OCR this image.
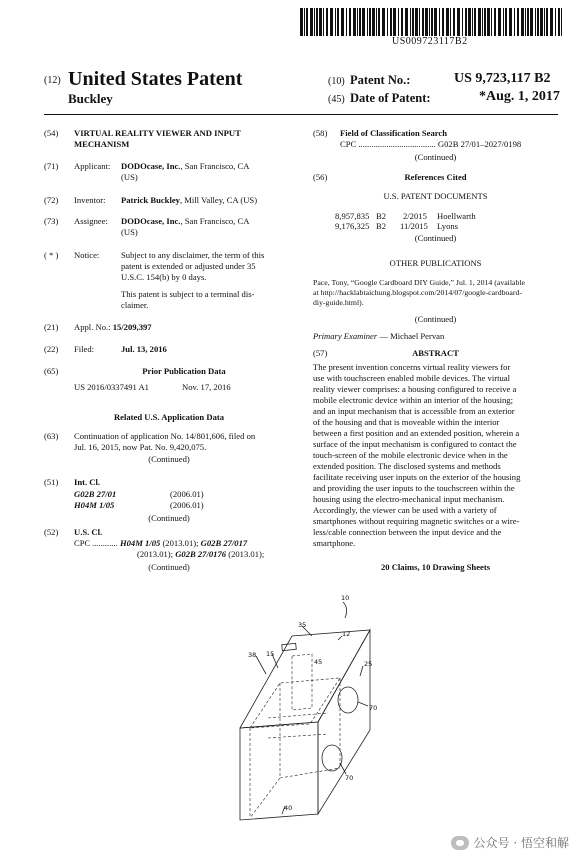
US009723117B2
(12) United States Patent
Buckley
(10) Patent No.:	US 9,723,117 B2
(45) Date of Patent:	*Aug. 1, 2017
(54) VIRTUAL REALITY VIEWER AND INPUT
MECHANISM
(71) Applicant: DODOcase, Inc., San Francisco, CA
(US)
(72) Inventor: Patrick Buckley, Mill Valley, CA (US)
(73) Assignee: DODOcase, Inc., San Francisco, CA
(US)
( * ) Notice:	Subject to any disclaimer, the term of this
patent is extended or adjusted under 35
U.S.C. 154(b) by 0 days.
This patent is subject to a terminal dis-
claimer.
(21) Appl. No.: 15/209,397
(22) Filed:	Jul. 13, 2016
(65)	Prior Publication Data
US 2016/0337491 A1	Nov. 17, 2016
Related U.S. Application Data
(63) Continuation of application No. 14/801,606, filed on
Jul. 16, 2015, now Pat. No. 9,420,075.
(Continued)
(51) Int. Cl.
G02B 27/01	(2006.01)
H04M 1/05	(2006.01)
(Continued)
(52) U.S. Cl.
CPC ............ H04M 1/05 (2013.01); G02B 27/017
(2013.01); G02B 27/0176 (2013.01);
(Continued)
(58) Field of Classification Search
CPC .................................... G02B 27/01–2027/0198
(Continued)
(56)	References Cited
U.S. PATENT DOCUMENTS
8,957,835 B2 2/2015 Hoellwarth
9,176,325 B2 11/2015 Lyons
(Continued)
OTHER PUBLICATIONS
Pace, Tony, “Google Cardboard DIY Guide,” Jul. 1, 2014 (available
at http://hacklabtaichung.blogspot.com/2014/07/google-cardboard-
diy-guide.html).
(Continued)
Primary Examiner — Michael Pervan
(57)	ABSTRACT
The present invention concerns virtual reality viewers for
use with touchscreen enabled mobile devices. The virtual
reality viewer comprises: a housing configured to receive a
mobile electronic device within an interior of the housing;
and an input mechanism that is accessible from an exterior
of the housing and that is moveable within the interior
between a first position and an extended position, wherein a
surface of the input mechanism is configured to contact the
touch-screen of the mobile electronic device when in the
extended position. The disclosed systems and methods
facilitate receiving user inputs on the exterior of the housing
and providing the user inputs to the touchscreen within the
housing using the electro-mechanical input mechanism.
Accordingly, the viewer can be used with a variety of
smartphones without requiring magnetic switches or a wire-
less/cable connection between the input device and the
smartphone.
20 Claims, 10 Drawing Sheets
10
35
12
38 15
45	25
70
70
40
公众号 · 悟空和解
